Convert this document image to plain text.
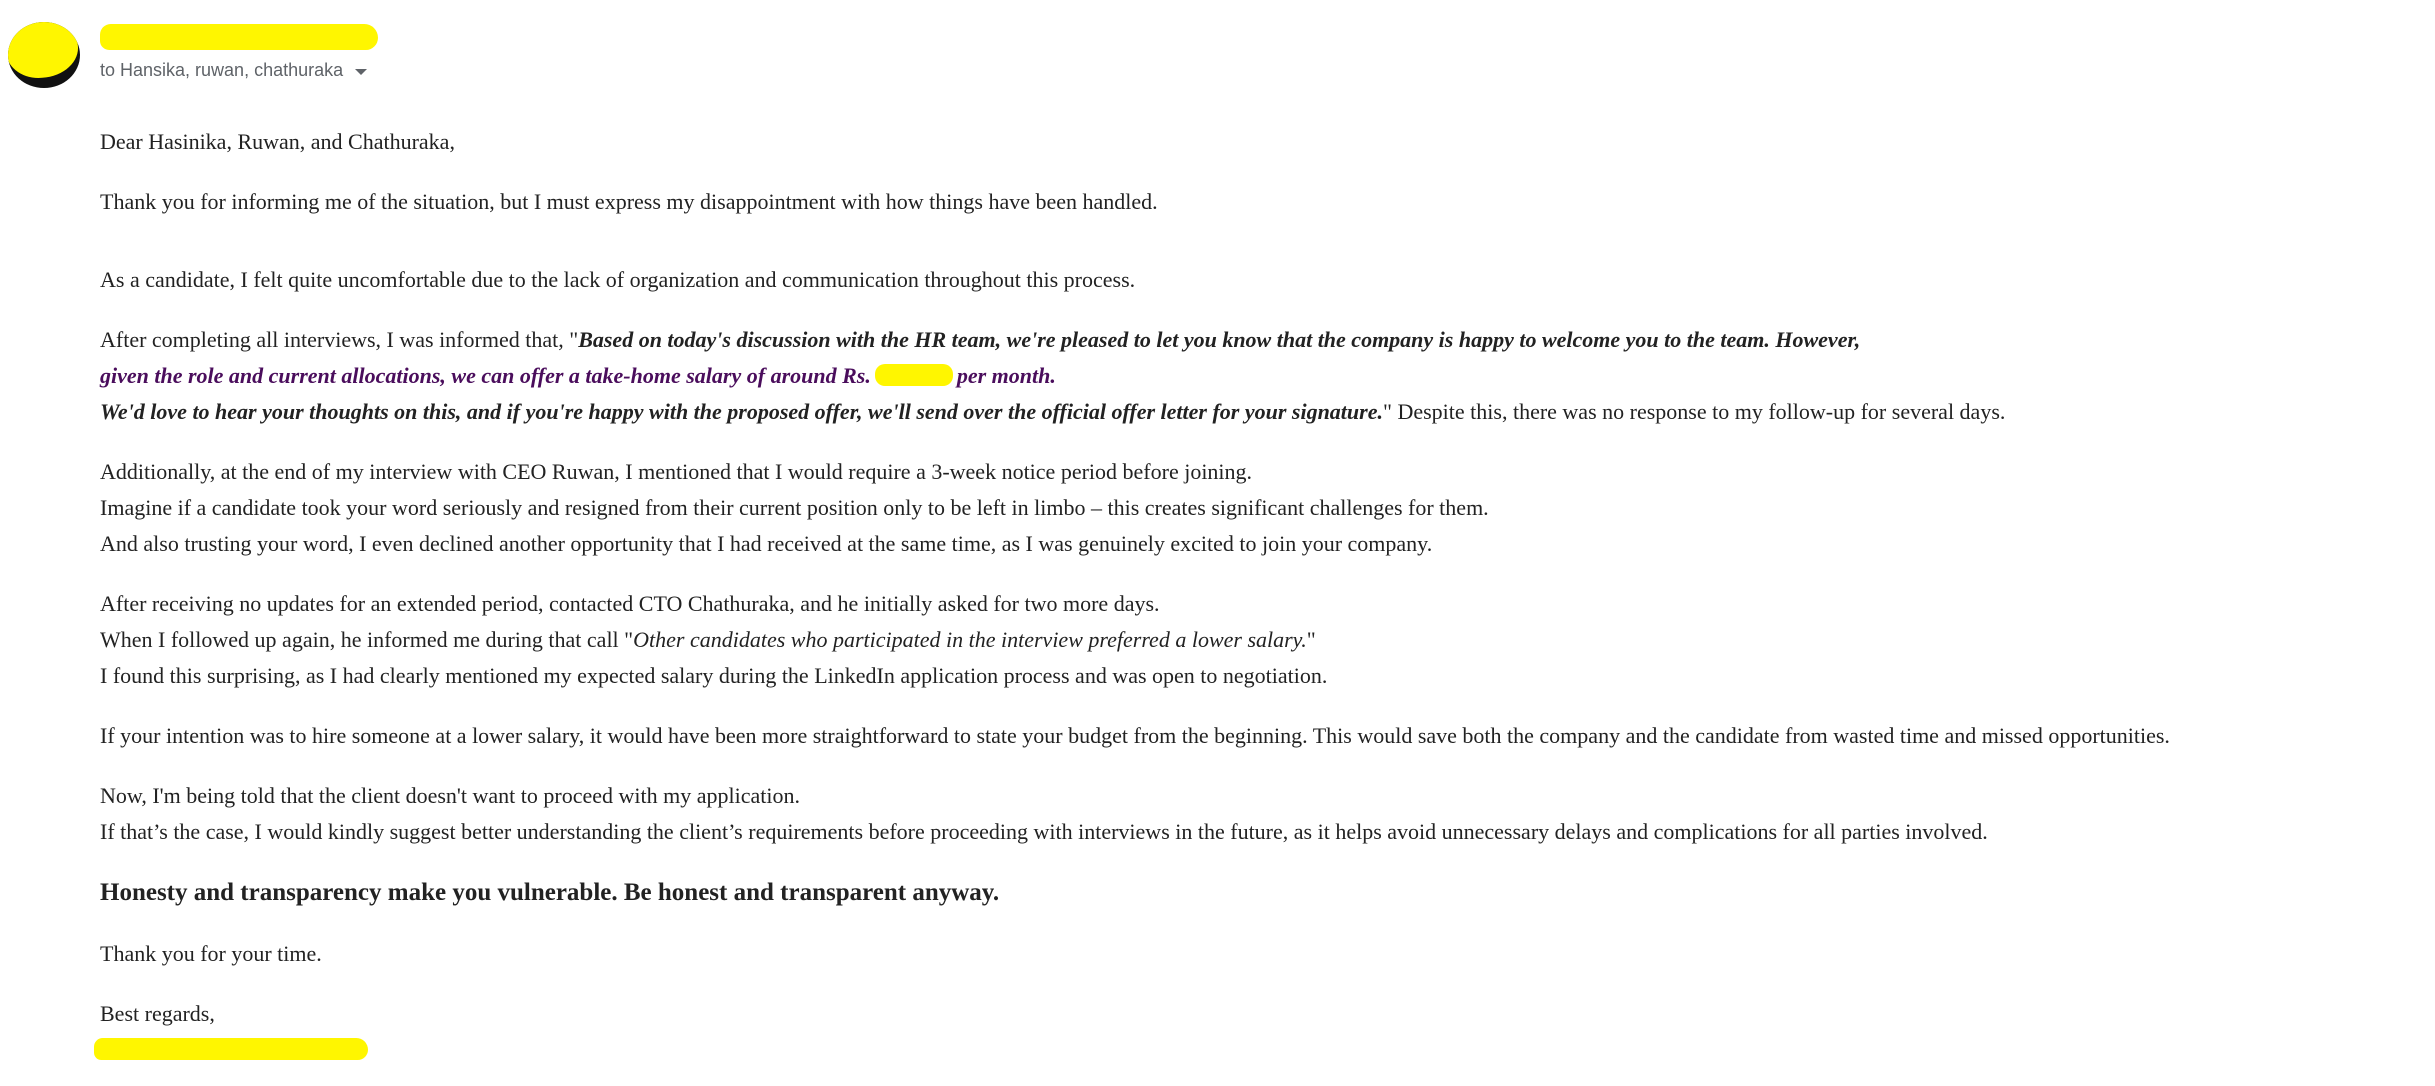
to Hansika, ruwan, chathuraka

Dear Hasinika, Ruwan, and Chathuraka,

Thank you for informing me of the situation, but I must express my disappointment with how things have been handled.

As a candidate, I felt quite uncomfortable due to the lack of organization and communication throughout this process.

After completing all interviews, I was informed that, "Based on today's discussion with the HR team, we're pleased to let you know that the company is happy to welcome you to the team. However,
given the role and current allocations, we can offer a take-home salary of around Rs.	per month.
We'd love to hear your thoughts on this, and if you're happy with the proposed offer, we'll send over the official offer letter for your signature." Despite this, there was no response to my follow-up for several days.

Additionally, at the end of my interview with CEO Ruwan, I mentioned that I would require a 3-week notice period before joining.
Imagine if a candidate took your word seriously and resigned from their current position only to be left in limbo – this creates significant challenges for them.
And also trusting your word, I even declined another opportunity that I had received at the same time, as I was genuinely excited to join your company.

After receiving no updates for an extended period, contacted CTO Chathuraka, and he initially asked for two more days.
When I followed up again, he informed me during that call "Other candidates who participated in the interview preferred a lower salary."
I found this surprising, as I had clearly mentioned my expected salary during the LinkedIn application process and was open to negotiation.

If your intention was to hire someone at a lower salary, it would have been more straightforward to state your budget from the beginning. This would save both the company and the candidate from wasted time and missed opportunities.

Now, I'm being told that the client doesn't want to proceed with my application.
If that’s the case, I would kindly suggest better understanding the client’s requirements before proceeding with interviews in the future, as it helps avoid unnecessary delays and complications for all parties involved.

Honesty and transparency make you vulnerable. Be honest and transparent anyway.

Thank you for your time.

Best regards,
